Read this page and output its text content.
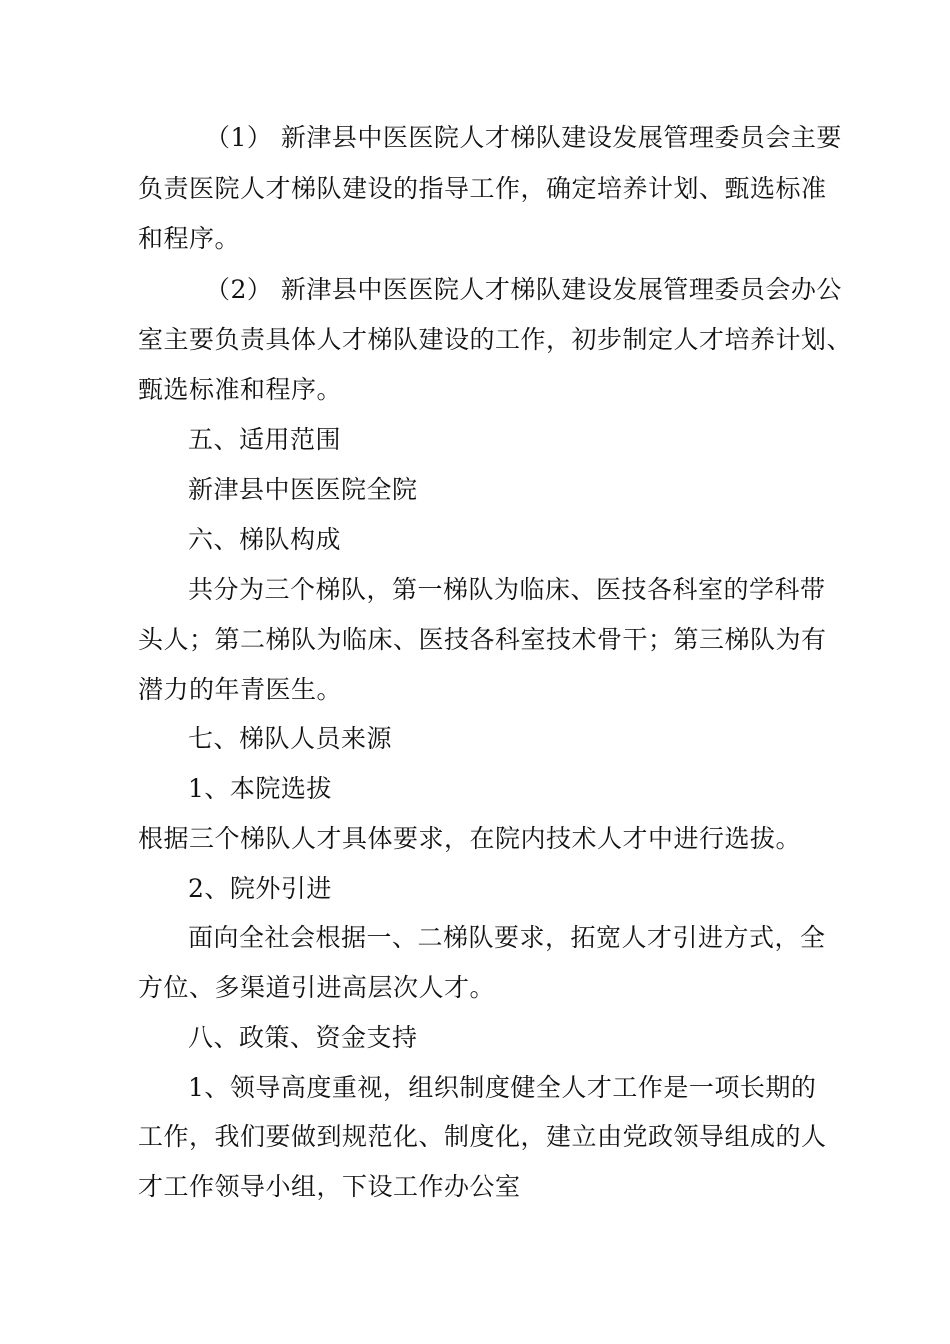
（1） 新津县中医医院人才梯队建设发展管理委员会主要
负责医院人才梯队建设的指导工作，确定培养计划、甄选标准
和程序。
（2） 新津县中医医院人才梯队建设发展管理委员会办公
室主要负责具体人才梯队建设的工作，初步制定人才培养计划、
甄选标准和程序。
五、适用范围
新津县中医医院全院
六、梯队构成
共分为三个梯队，第一梯队为临床、医技各科室的学科带
头人；第二梯队为临床、医技各科室技术骨干；第三梯队为有
潜力的年青医生。
七、梯队人员来源
1、本院选拔
根据三个梯队人才具体要求，在院内技术人才中进行选拔。
2、院外引进
面向全社会根据一、二梯队要求，拓宽人才引进方式，全
方位、多渠道引进高层次人才。
八、政策、资金支持
1、领导高度重视，组织制度健全人才工作是一项长期的
工作，我们要做到规范化、制度化，建立由党政领导组成的人
才工作领导小组，下设工作办公室
